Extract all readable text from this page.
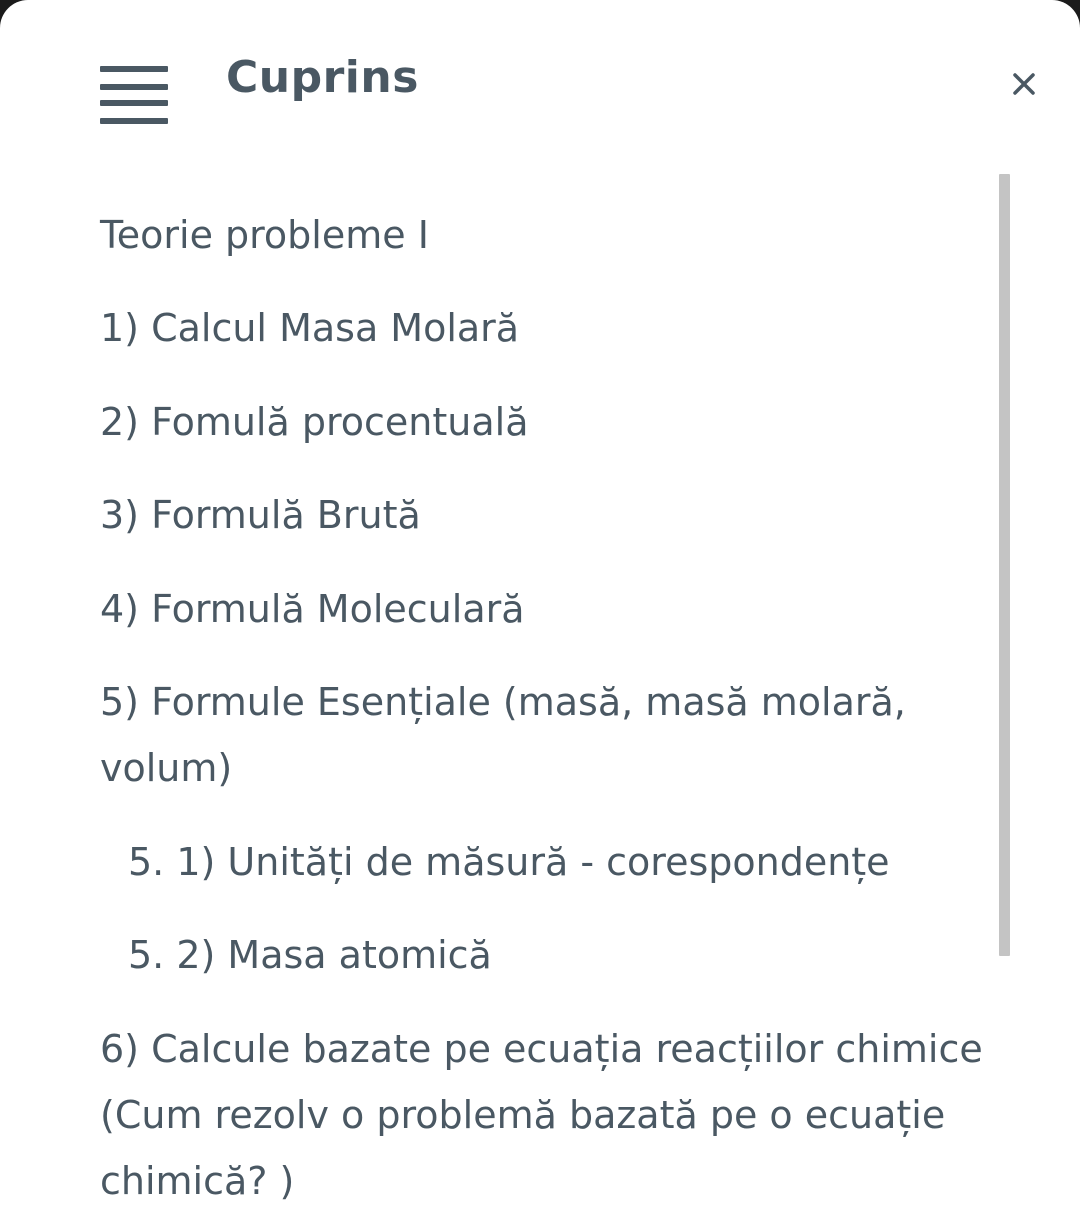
Cuprins
Teorie probleme I
1) Calcul Masa Molară
2) Fomulă procentuală
3) Formulă Brută
4) Formulă Moleculară
5) Formule Esențiale (masă, masă molară, volum)
5. 1) Unități de măsură - corespondențe
5. 2) Masa atomică
6) Calcule bazate pe ecuația reacțiilor chimice (Cum rezolv o problemă bazată pe o ecuație chimică? )
